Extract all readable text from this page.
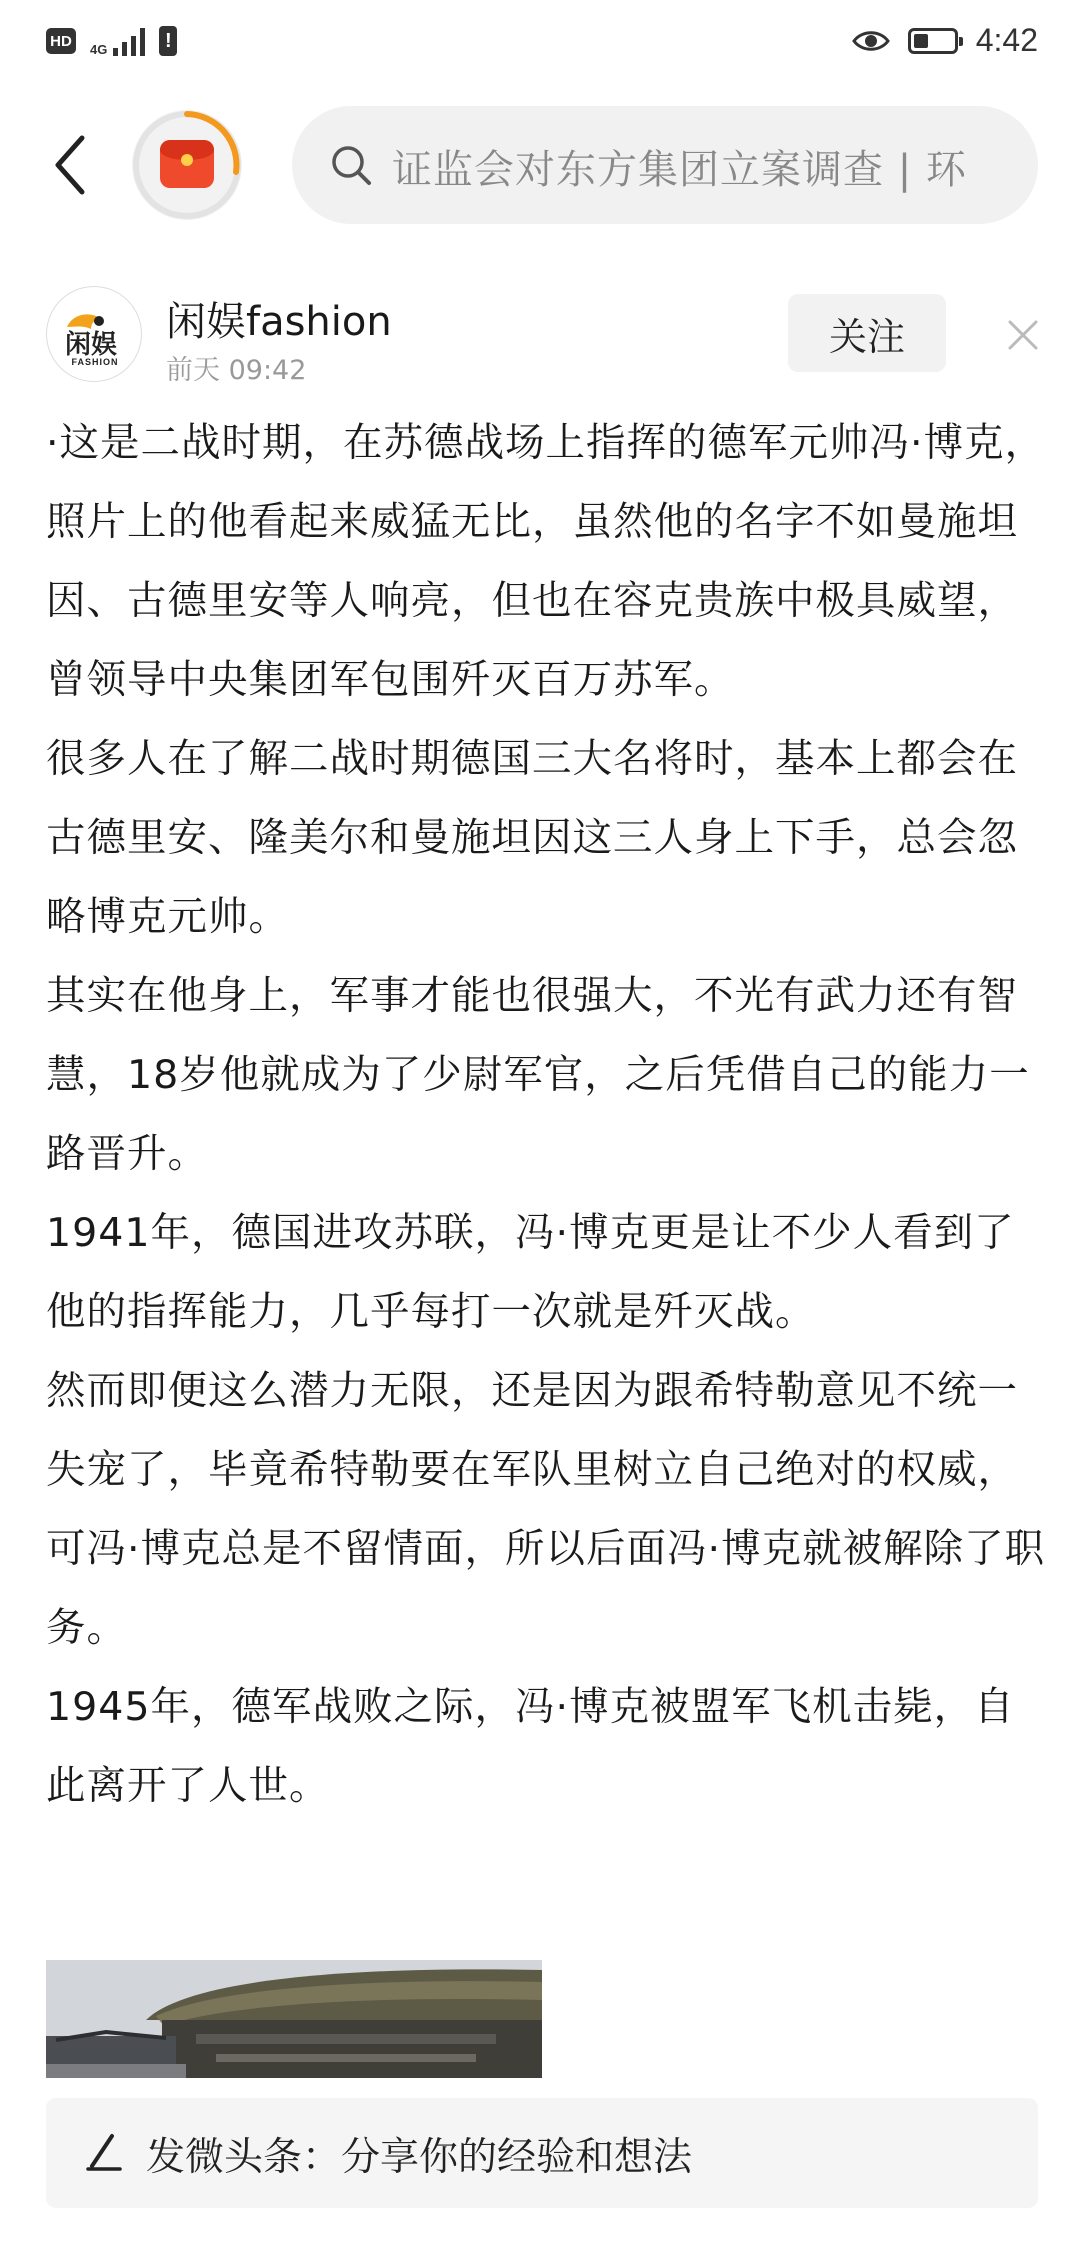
HD	4G	!	4:42
证监会对东方集团立案调查 | 环
闲娱
FASHION
闲娱fashion
前天 09:42
关注

·这是二战时期，在苏德战场上指挥的德军元帅冯·博克，照片上的他看起来威猛无比，虽然他的名字不如曼施坦因、古德里安等人响亮，但也在容克贵族中极具威望，曾领导中央集团军包围歼灭百万苏军。

很多人在了解二战时期德国三大名将时，基本上都会在古德里安、隆美尔和曼施坦因这三人身上下手，总会忽略博克元帅。

其实在他身上，军事才能也很强大，不光有武力还有智慧，18岁他就成为了少尉军官，之后凭借自己的能力一路晋升。

1941年，德国进攻苏联，冯·博克更是让不少人看到了他的指挥能力，几乎每打一次就是歼灭战。

然而即便这么潜力无限，还是因为跟希特勒意见不统一失宠了，毕竟希特勒要在军队里树立自己绝对的权威，可冯·博克总是不留情面，所以后面冯·博克就被解除了职务。

1945年，德军战败之际，冯·博克被盟军飞机击毙，自此离开了人世。

发微头条：分享你的经验和想法
